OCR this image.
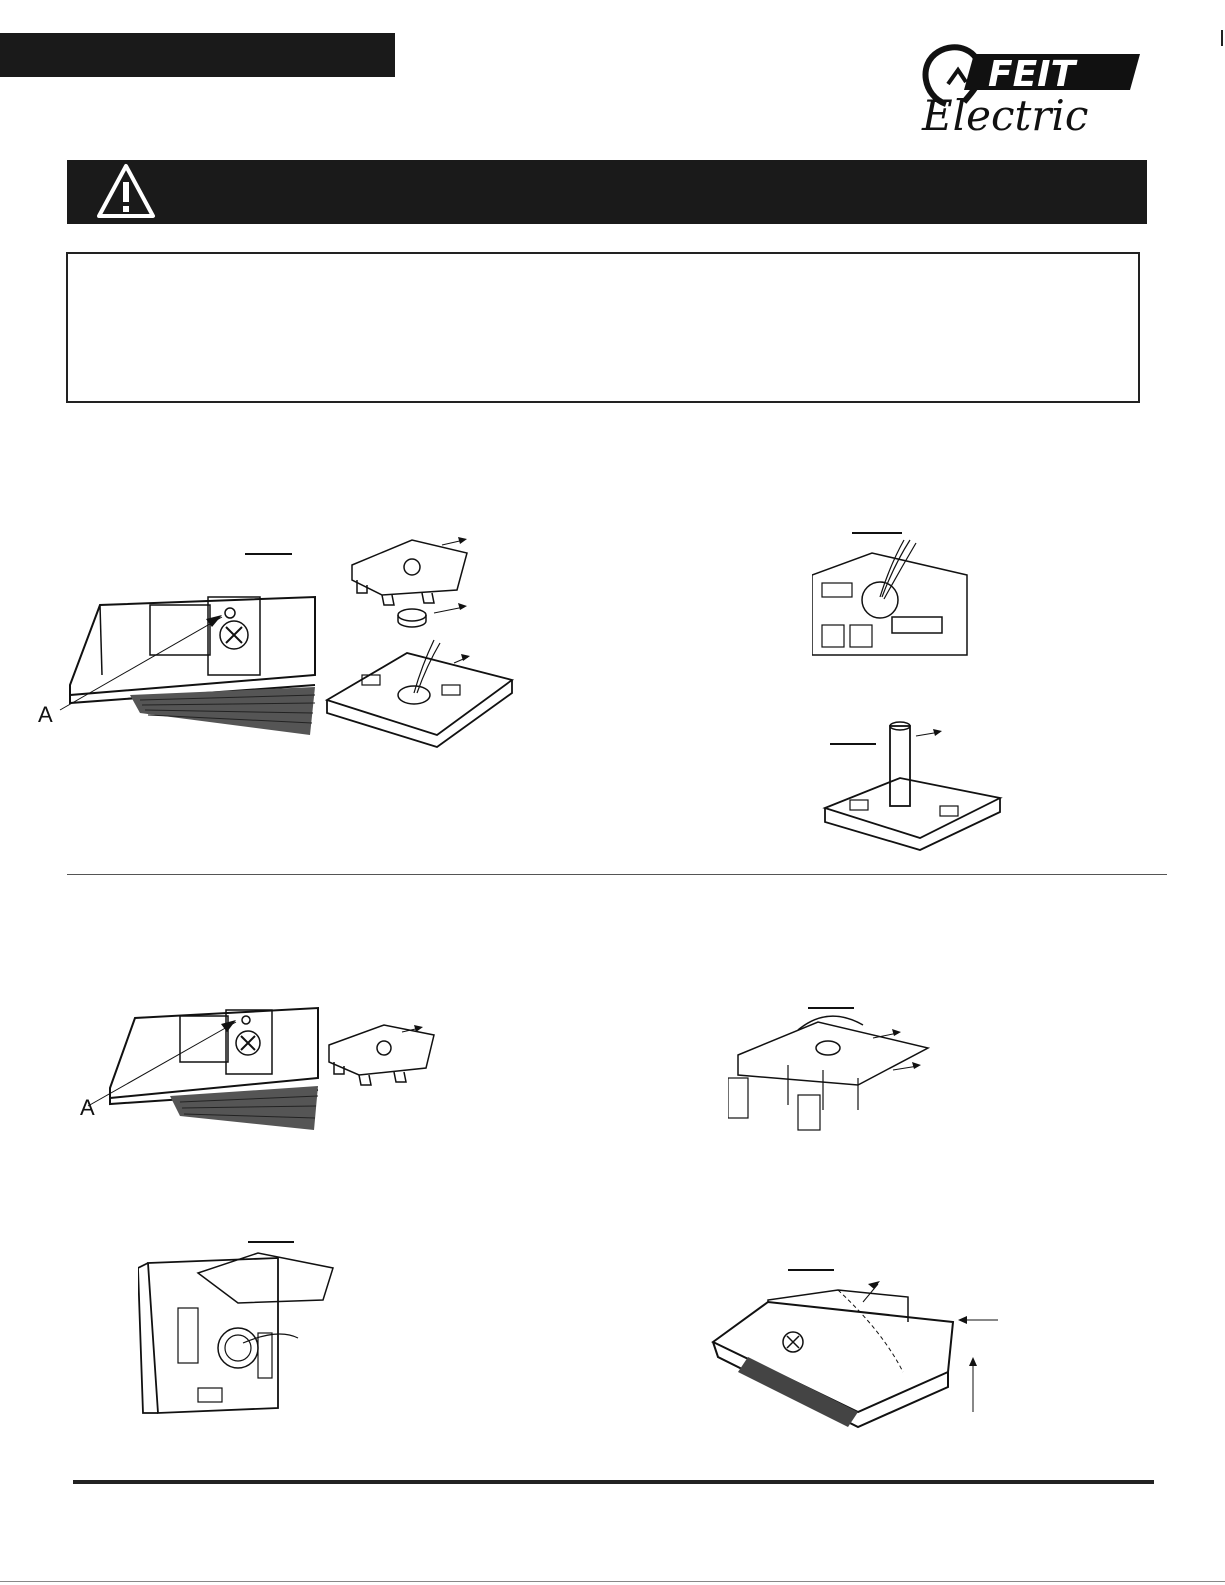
FEIT
Electric
A
A
